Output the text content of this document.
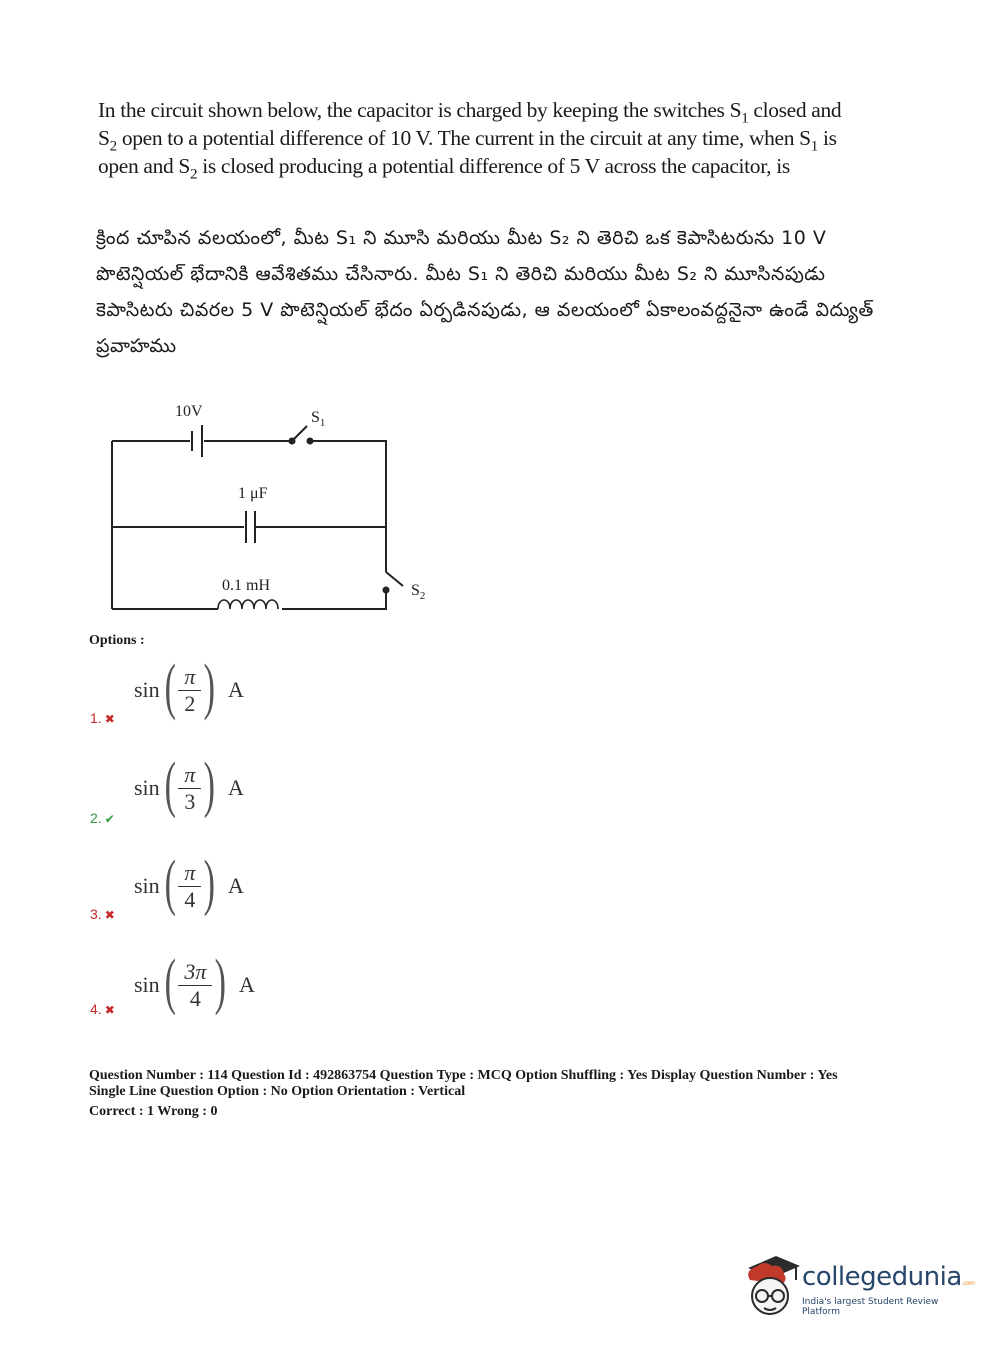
In the circuit shown below, the capacitor is charged by keeping the switches $S_1$ closed and
$S_2$ open to a potential difference of 10 V. The current in the circuit at any time, when $S_1$ is
open and $S_2$ is closed producing a potential difference of 5 V across the capacitor, is
క్రింద చూపిన వలయంలో, మీట S₁ ని మూసి మరియు మీట S₂ ని తెరిచి ఒక కెపాసిటరును 10 V పొటెన్షియల్ భేదానికి ఆవేశితము చేసినారు. మీట S₁ ని తెరిచి మరియు మీట S₂ ని మూసినపుడు కెపాసిటరు చివరల 5 V పొటెన్షియల్ భేదం ఏర్పడినపుడు, ఆ వలయంలో ఏకాలంవద్దనైనా ఉండే విద్యుత్ ప్రవాహము
10V	$S_1$
1 μF
0.1 mH	$S_2$
Options :
sin ( $\frac{\pi}{2}$ ) A
1. ✖
sin ( $\frac{\pi}{3}$ ) A
2. ✔
sin ( $\frac{\pi}{4}$ ) A
3. ✖
sin ( $\frac{3\pi}{4}$ ) A
4. ✖
Question Number : 114 Question Id : 492863754 Question Type : MCQ Option Shuffling : Yes Display Question Number : Yes
Single Line Question Option : No Option Orientation : Vertical
Correct : 1 Wrong : 0
collegedunia.com
India's largest Student Review Platform
